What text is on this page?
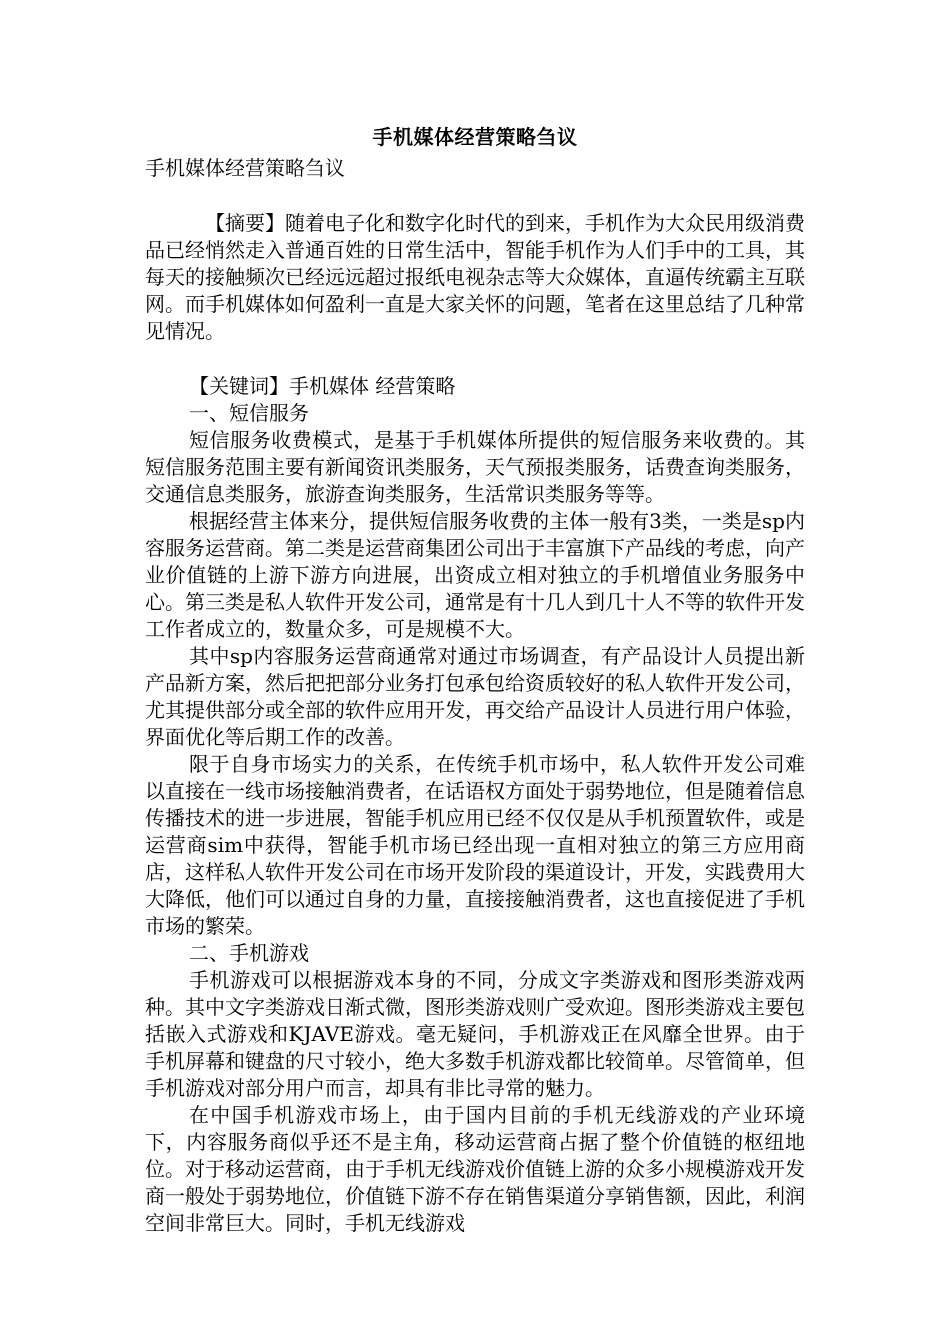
手机媒体经营策略刍议
手机媒体经营策略刍议

【摘要】随着电子化和数字化时代的到来，手机作为大众民用级消费品已经悄然走入普通百姓的日常生活中，智能手机作为人们手中的工具，其每天的接触频次已经远远超过报纸电视杂志等大众媒体，直逼传统霸主互联网。而手机媒体如何盈利一直是大家关怀的问题，笔者在这里总结了几种常见情况。

【关键词】手机媒体 经营策略
一、短信服务

短信服务收费模式，是基于手机媒体所提供的短信服务来收费的。其短信服务范围主要有新闻资讯类服务，天气预报类服务，话费查询类服务，交通信息类服务，旅游查询类服务，生活常识类服务等等。

根据经营主体来分，提供短信服务收费的主体一般有3类，一类是sp内容服务运营商。第二类是运营商集团公司出于丰富旗下产品线的考虑，向产业价值链的上游下游方向进展，出资成立相对独立的手机增值业务服务中心。第三类是私人软件开发公司，通常是有十几人到几十人不等的软件开发工作者成立的，数量众多，可是规模不大。

其中sp内容服务运营商通常对通过市场调查，有产品设计人员提出新产品新方案，然后把把部分业务打包承包给资质较好的私人软件开发公司，尤其提供部分或全部的软件应用开发，再交给产品设计人员进行用户体验，界面优化等后期工作的改善。

限于自身市场实力的关系，在传统手机市场中，私人软件开发公司难以直接在一线市场接触消费者，在话语权方面处于弱势地位，但是随着信息传播技术的进一步进展，智能手机应用已经不仅仅是从手机预置软件，或是运营商sim中获得，智能手机市场已经出现一直相对独立的第三方应用商店，这样私人软件开发公司在市场开发阶段的渠道设计，开发，实践费用大大降低，他们可以通过自身的力量，直接接触消费者，这也直接促进了手机市场的繁荣。

二、手机游戏

手机游戏可以根据游戏本身的不同，分成文字类游戏和图形类游戏两种。其中文字类游戏日渐式微，图形类游戏则广受欢迎。图形类游戏主要包括嵌入式游戏和KJAVE游戏。毫无疑问，手机游戏正在风靡全世界。由于手机屏幕和键盘的尺寸较小，绝大多数手机游戏都比较简单。尽管简单，但手机游戏对部分用户而言，却具有非比寻常的魅力。

在中国手机游戏市场上，由于国内目前的手机无线游戏的产业环境下，内容服务商似乎还不是主角，移动运营商占据了整个价值链的枢纽地位。对于移动运营商，由于手机无线游戏价值链上游的众多小规模游戏开发商一般处于弱势地位，价值链下游不存在销售渠道分享销售额，因此，利润空间非常巨大。同时，手机无线游戏
